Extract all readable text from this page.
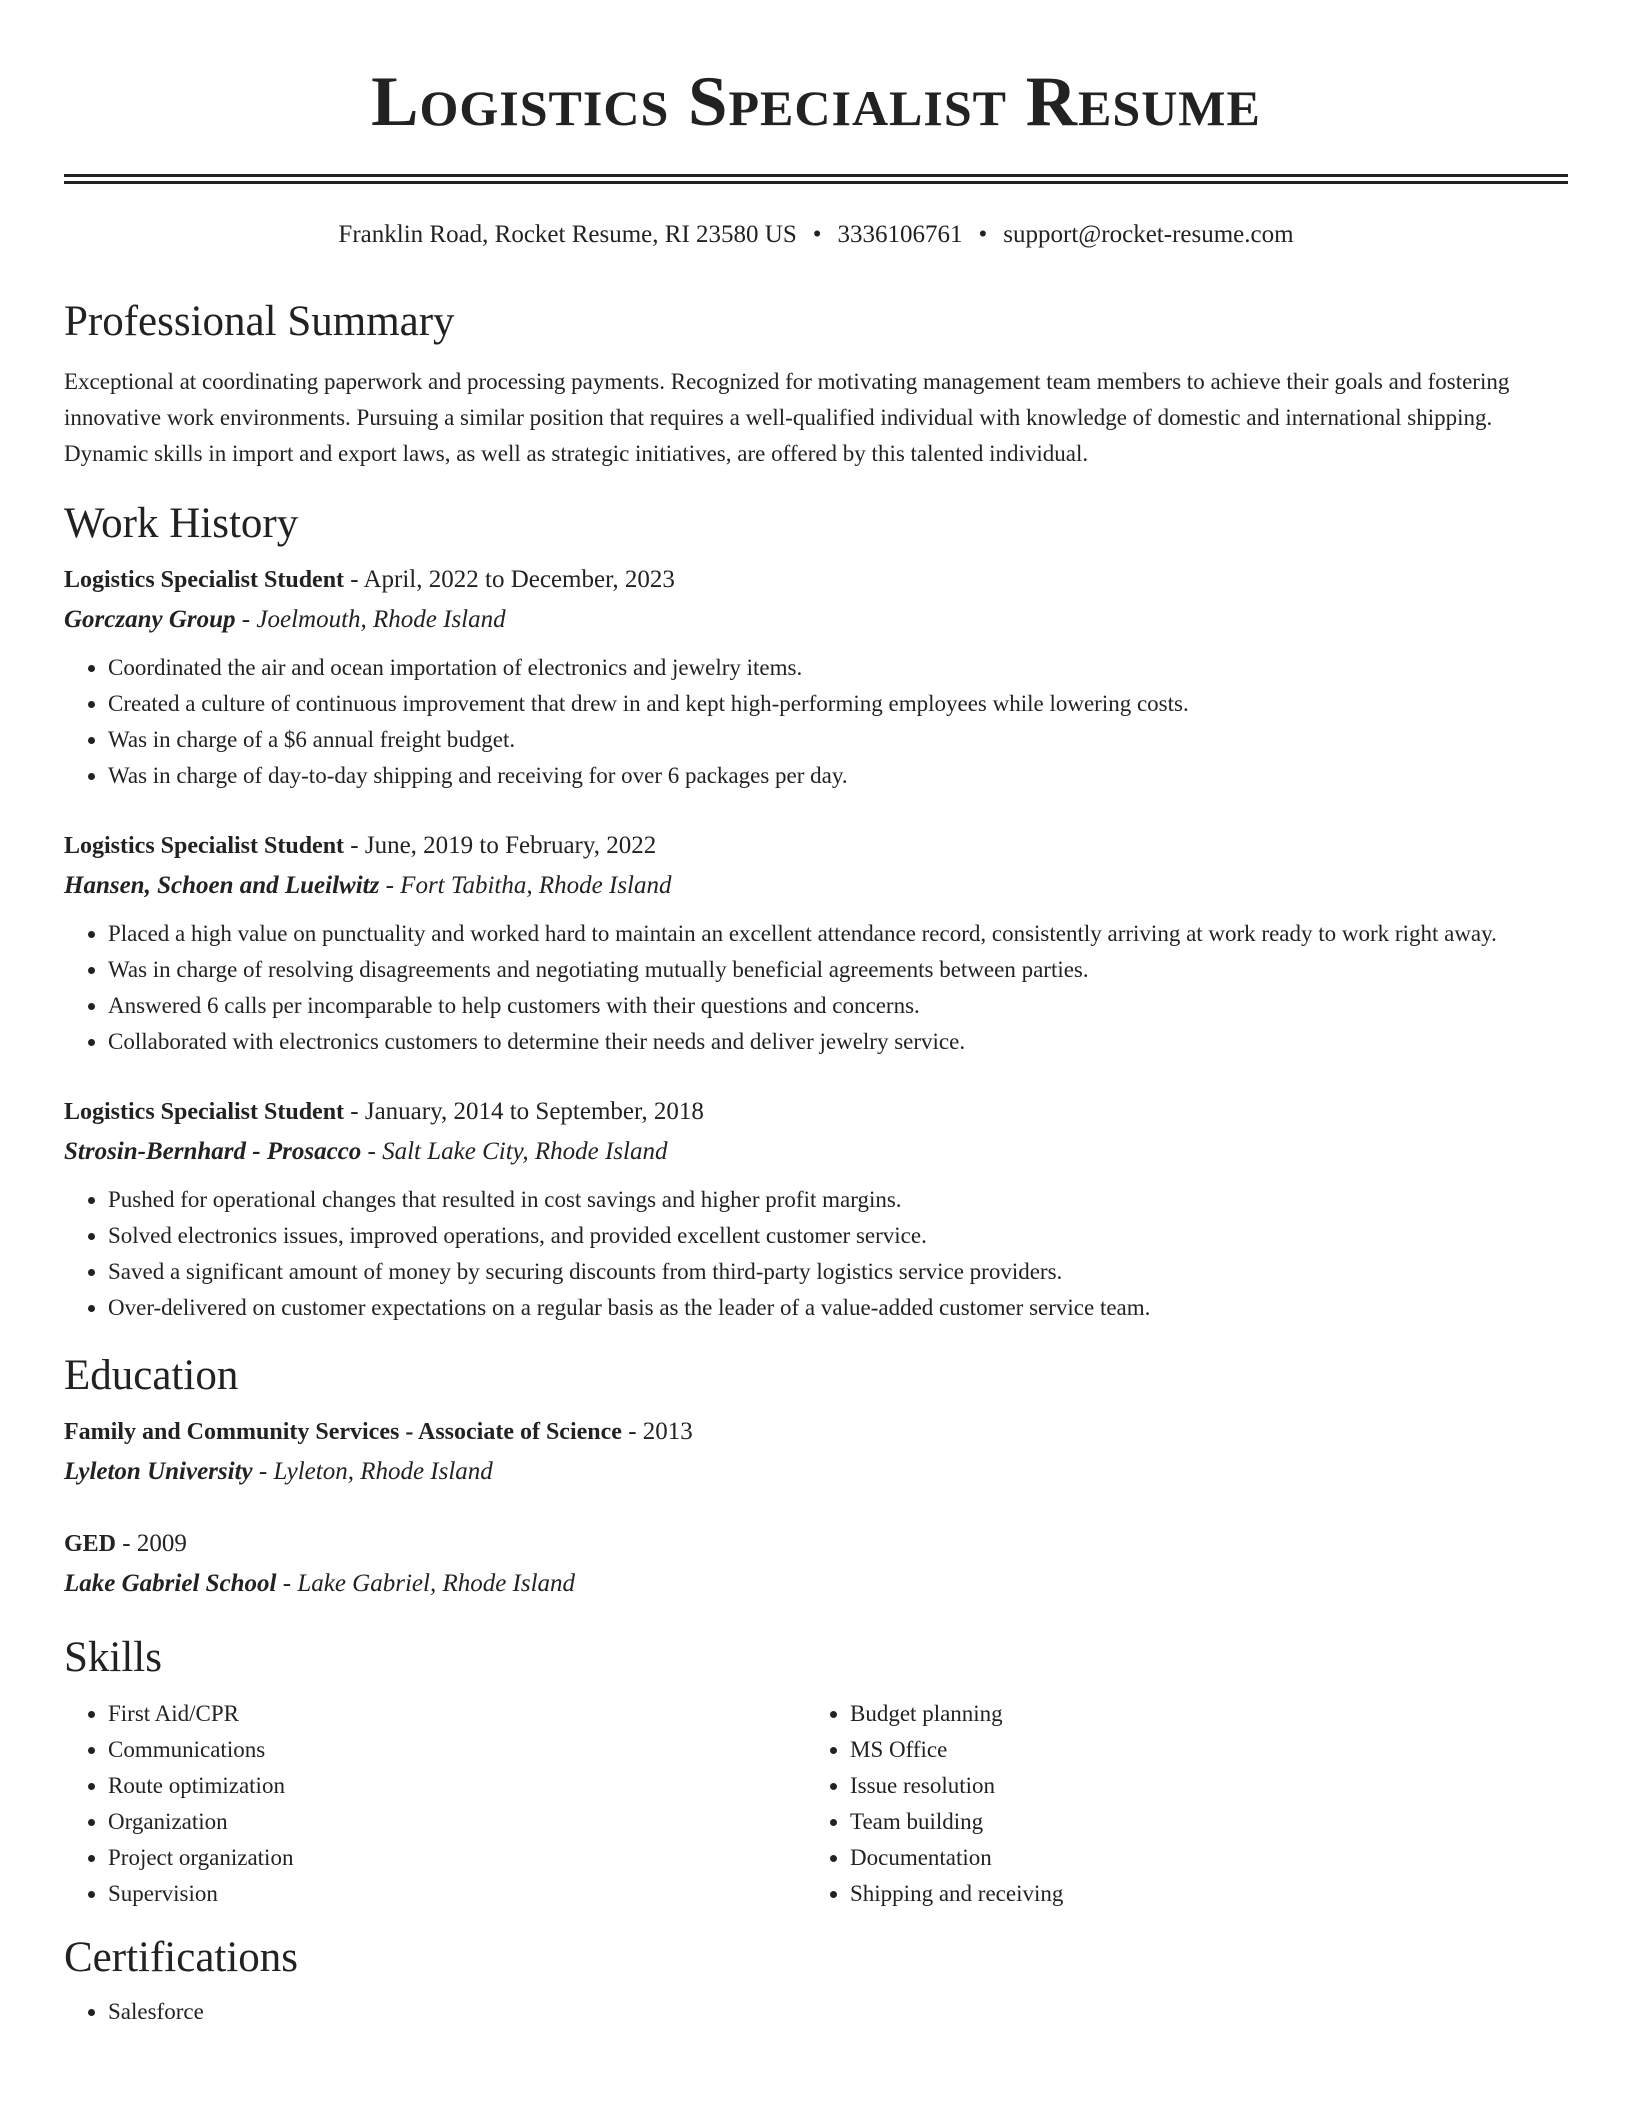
Logistics Specialist Resume
Franklin Road, Rocket Resume, RI 23580 US • 3336106761 • support@rocket-resume.com
Professional Summary

Exceptional at coordinating paperwork and processing payments. Recognized for motivating management team members to achieve their goals and fostering innovative work environments. Pursuing a similar position that requires a well-qualified individual with knowledge of domestic and international shipping. Dynamic skills in import and export laws, as well as strategic initiatives, are offered by this talented individual.

Work History
Logistics Specialist Student - April, 2022 to December, 2023
Gorczany Group - Joelmouth, Rhode Island
• Coordinated the air and ocean importation of electronics and jewelry items.
• Created a culture of continuous improvement that drew in and kept high-performing employees while lowering costs.
• Was in charge of a $6 annual freight budget.
• Was in charge of day-to-day shipping and receiving for over 6 packages per day.
Logistics Specialist Student - June, 2019 to February, 2022
Hansen, Schoen and Lueilwitz - Fort Tabitha, Rhode Island
• Placed a high value on punctuality and worked hard to maintain an excellent attendance record, consistently arriving at work ready to work right away.
• Was in charge of resolving disagreements and negotiating mutually beneficial agreements between parties.
• Answered 6 calls per incomparable to help customers with their questions and concerns.
• Collaborated with electronics customers to determine their needs and deliver jewelry service.
Logistics Specialist Student - January, 2014 to September, 2018
Strosin-Bernhard - Prosacco - Salt Lake City, Rhode Island
• Pushed for operational changes that resulted in cost savings and higher profit margins.
• Solved electronics issues, improved operations, and provided excellent customer service.
• Saved a significant amount of money by securing discounts from third-party logistics service providers.
• Over-delivered on customer expectations on a regular basis as the leader of a value-added customer service team.
Education
Family and Community Services - Associate of Science - 2013
Lyleton University - Lyleton, Rhode Island
GED - 2009
Lake Gabriel School - Lake Gabriel, Rhode Island
Skills
• First Aid/CPR
• Communications
• Route optimization
• Organization
• Project organization
• Supervision
• Budget planning
• MS Office
• Issue resolution
• Team building
• Documentation
• Shipping and receiving
Certifications
• Salesforce
